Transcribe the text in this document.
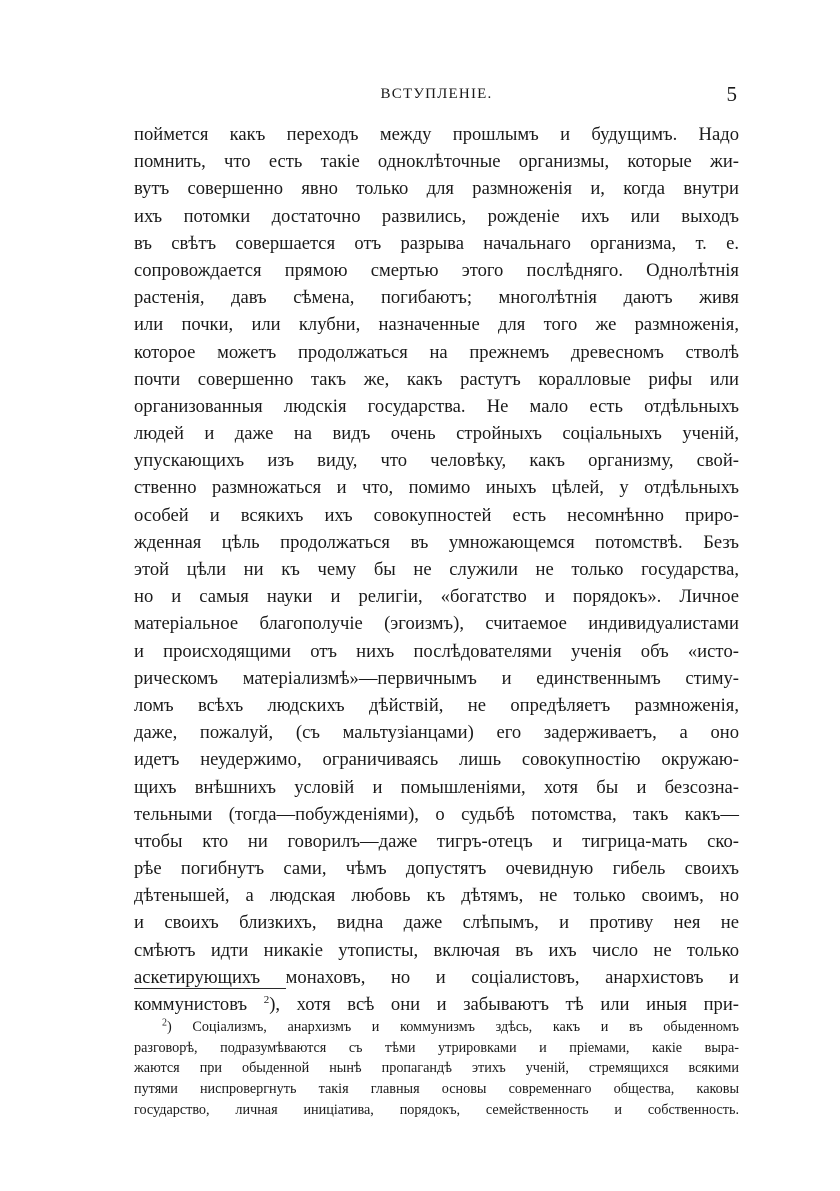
ВСТУПЛЕНІЕ.	5
поймется какъ переходъ между прошлымъ и будущимъ. Надо
помнить, что есть такіе одноклѣточные организмы, которые жи-
вутъ совершенно явно только для размноженія и, когда внутри
ихъ потомки достаточно развились, рожденіе ихъ или выходъ
въ свѣтъ совершается отъ разрыва начальнаго организма, т. е.
сопровождается прямою смертью этого послѣдняго. Однолѣтнія
растенія, давъ сѣмена, погибаютъ; многолѣтнія даютъ живя
или почки, или клубни, назначенные для того же размноженія,
которое можетъ продолжаться на прежнемъ древесномъ стволѣ
почти совершенно такъ же, какъ растутъ коралловые рифы или
организованныя людскія государства. Не мало есть отдѣльныхъ
людей и даже на видъ очень стройныхъ соціальныхъ ученій,
упускающихъ изъ виду, что человѣку, какъ организму, свой-
ственно размножаться и что, помимо иныхъ цѣлей, у отдѣльныхъ
особей и всякихъ ихъ совокупностей есть несомнѣнно прирo-
жденная цѣль продолжаться въ умножающемся потомствѣ. Безъ
этой цѣли ни къ чему бы не служили не только государства,
но и самыя науки и религіи, «богатство и порядокъ». Личное
матеріальное благополучіе (эгоизмъ), считаемое индивидуалистами
и происходящими отъ нихъ послѣдователями ученія объ «истo-
рическомъ матеріализмѣ»—первичнымъ и единственнымъ стиму-
ломъ всѣхъ людскихъ дѣйствій, не опредѣляетъ размноженія,
даже, пожалуй, (съ мальтузіанцами) его задерживаетъ, а оно
идетъ неудержимо, ограничиваясь лишь совокупностію окружаю-
щихъ внѣшнихъ условій и помышленіями, хотя бы и безсозна-
тельными (тогда—побужденіями), о судьбѣ потомства, такъ какъ—
чтобы кто ни говорилъ—даже тигръ-отецъ и тигрица-мать ско-
рѣе погибнутъ сами, чѣмъ допустятъ очевидную гибель своихъ
дѣтенышей, а людская любовь къ дѣтямъ, не только своимъ, но
и своихъ близкихъ, видна даже слѣпымъ, и противу нея не
смѣютъ идти никакіе утописты, включая въ ихъ число не только
аскетирующихъ монаховъ, но и соціалистовъ, анархистовъ и
коммунистовъ $^2$), хотя всѣ они и забываютъ тѣ или иныя при-
$^2$) Соціализмъ, анархизмъ и коммунизмъ здѣсь, какъ и въ обыденномъ
разговорѣ, подразумѣваются съ тѣми утрировками и пріемами, какіе выра-
жаются при обыденной нынѣ пропагандѣ этихъ ученій, стремящихся всякими
путями ниспровергнуть такія главныя основы современнаго общества, каковы
государство, личная иниціатива, порядокъ, семейственность и собственность.
